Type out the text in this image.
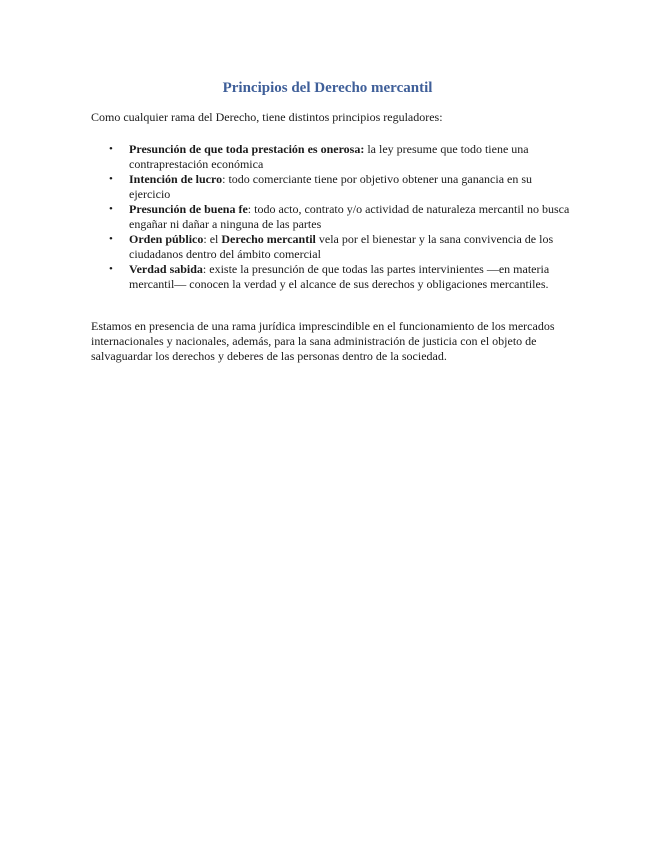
Principios del Derecho mercantil

Como cualquier rama del Derecho, tiene distintos principios reguladores:

• Presunción de que toda prestación es onerosa: la ley presume que todo tiene una contraprestación económica
• Intención de lucro: todo comerciante tiene por objetivo obtener una ganancia en su ejercicio
• Presunción de buena fe: todo acto, contrato y/o actividad de naturaleza mercantil no busca engañar ni dañar a ninguna de las partes
• Orden público: el Derecho mercantil vela por el bienestar y la sana convivencia de los ciudadanos dentro del ámbito comercial
• Verdad sabida: existe la presunción de que todas las partes intervinientes —en materia mercantil— conocen la verdad y el alcance de sus derechos y obligaciones mercantiles.

Estamos en presencia de una rama jurídica imprescindible en el funcionamiento de los mercados internacionales y nacionales, además, para la sana administración de justicia con el objeto de salvaguardar los derechos y deberes de las personas dentro de la sociedad.
